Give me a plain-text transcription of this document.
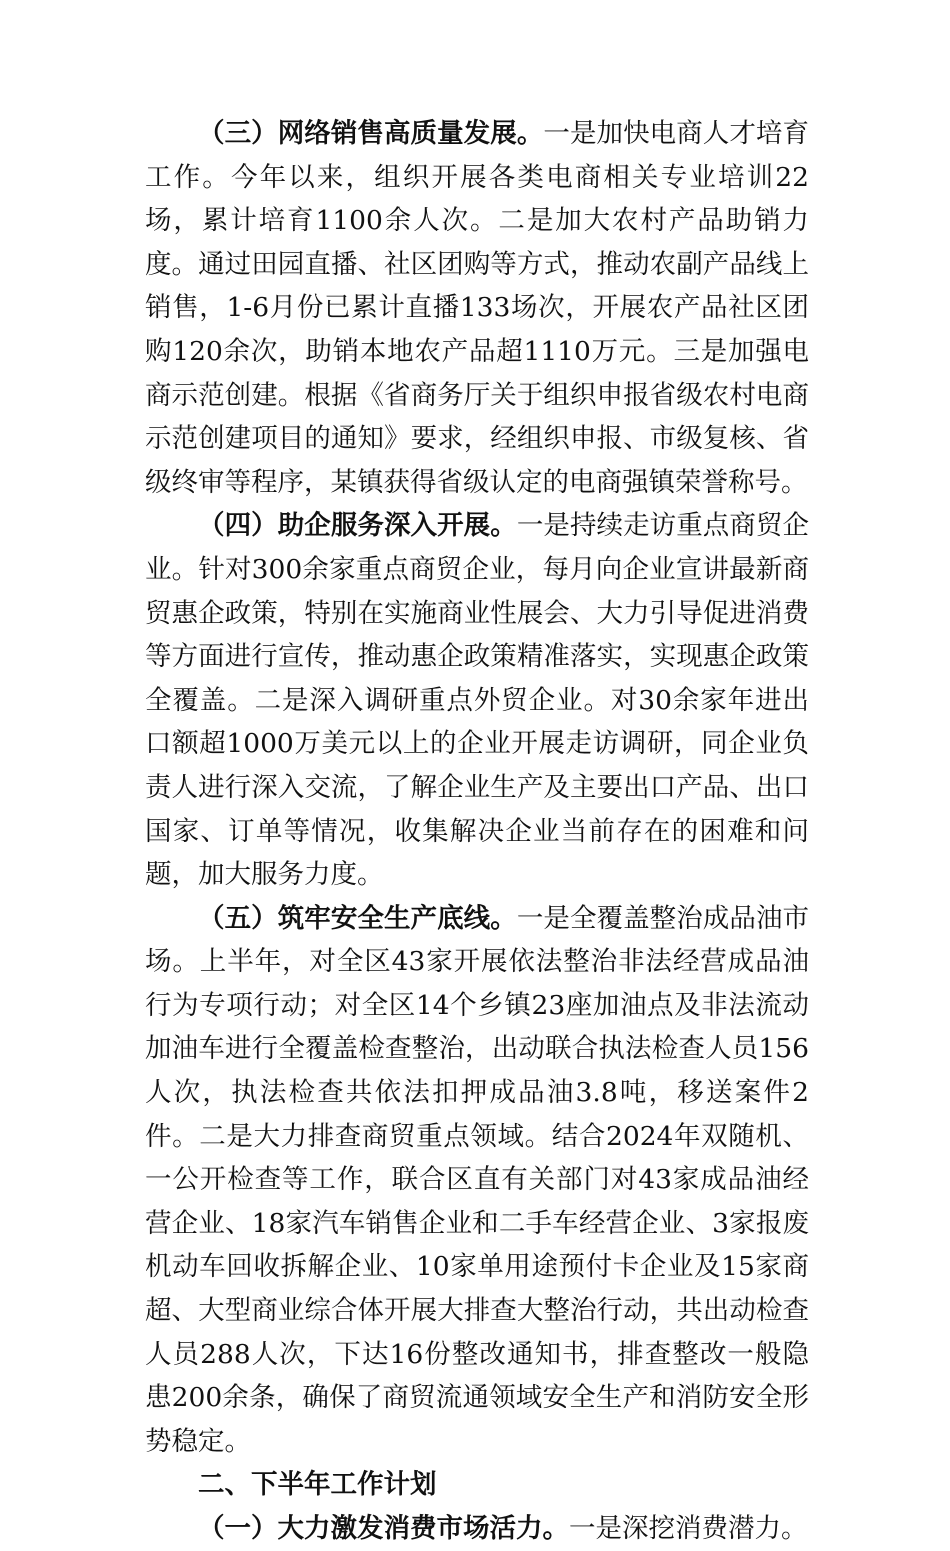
（三）网络销售高质量发展。一是加快电商人才培育工作。今年以来，组织开展各类电商相关专业培训22场，累计培育1100余人次。二是加大农村产品助销力度。通过田园直播、社区团购等方式，推动农副产品线上销售，1-6月份已累计直播133场次，开展农产品社区团购120余次，助销本地农产品超1110万元。三是加强电商示范创建。根据《省商务厅关于组织申报省级农村电商示范创建项目的通知》要求，经组织申报、市级复核、省级终审等程序，某镇获得省级认定的电商强镇荣誉称号。

（四）助企服务深入开展。一是持续走访重点商贸企业。针对300余家重点商贸企业，每月向企业宣讲最新商贸惠企政策，特别在实施商业性展会、大力引导促进消费等方面进行宣传，推动惠企政策精准落实，实现惠企政策全覆盖。二是深入调研重点外贸企业。对30余家年进出口额超1000万美元以上的企业开展走访调研，同企业负责人进行深入交流，了解企业生产及主要出口产品、出口国家、订单等情况，收集解决企业当前存在的困难和问题，加大服务力度。

（五）筑牢安全生产底线。一是全覆盖整治成品油市场。上半年，对全区43家开展依法整治非法经营成品油行为专项行动；对全区14个乡镇23座加油点及非法流动加油车进行全覆盖检查整治，出动联合执法检查人员156人次，执法检查共依法扣押成品油3.8吨，移送案件2件。二是大力排查商贸重点领域。结合2024年双随机、一公开检查等工作，联合区直有关部门对43家成品油经营企业、18家汽车销售企业和二手车经营企业、3家报废机动车回收拆解企业、10家单用途预付卡企业及15家商超、大型商业综合体开展大排查大整治行动，共出动检查人员288人次，下达16份整改通知书，排查整改一般隐患200余条，确保了商贸流通领域安全生产和消防安全形势稳定。

二、下半年工作计划

（一）大力激发消费市场活力。一是深挖消费潜力。
